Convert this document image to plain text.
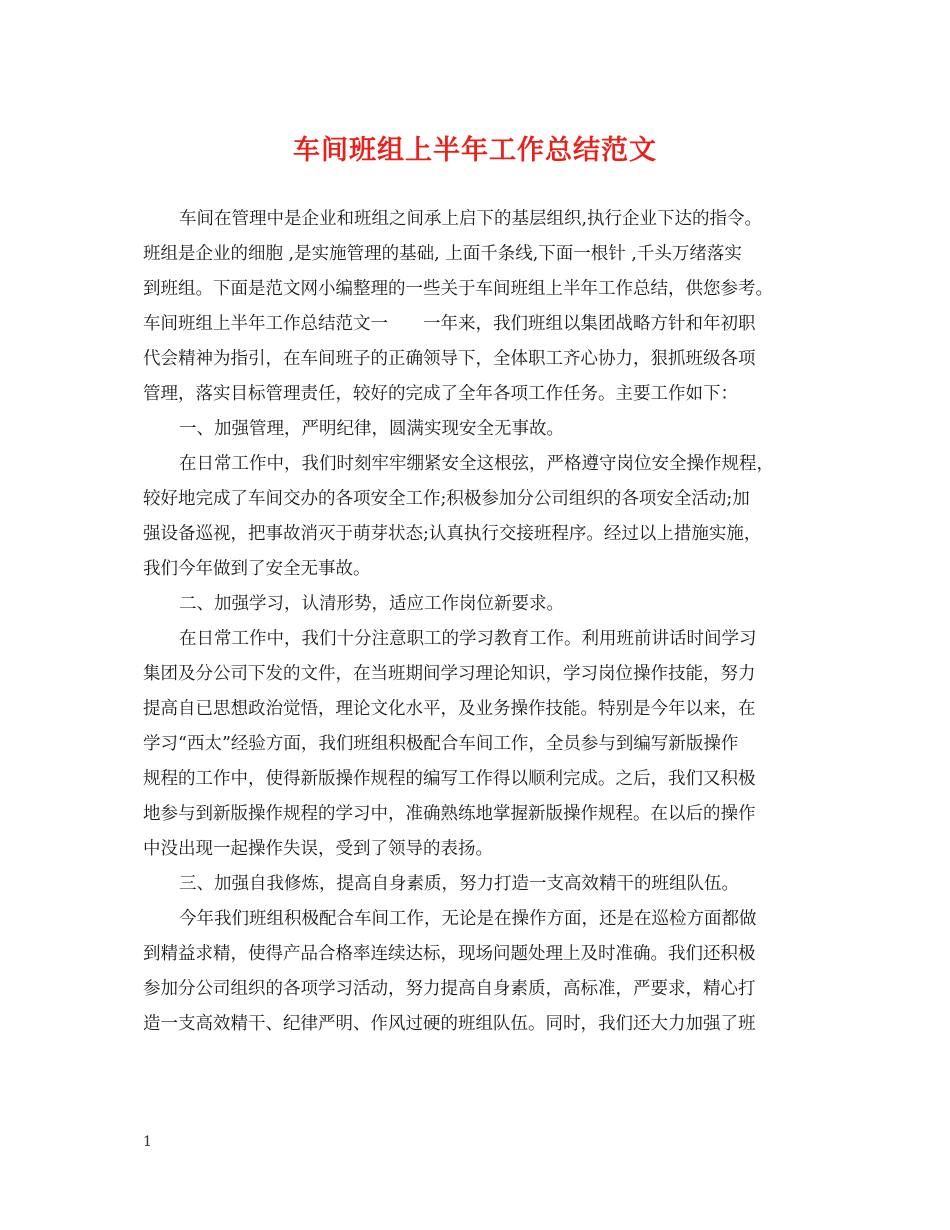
车间班组上半年工作总结范文
车间在管理中是企业和班组之间承上启下的基层组织,执行企业下达的指令。
班组是企业的细胞 ,是实施管理的基础, 上面千条线,下面一根针 ,千头万绪落实
到班组。下面是范文网小编整理的一些关于车间班组上半年工作总结，供您参考。
车间班组上半年工作总结范文一　　一年来，我们班组以集团战略方针和年初职
代会精神为指引，在车间班子的正确领导下，全体职工齐心协力，狠抓班级各项
管理，落实目标管理责任，较好的完成了全年各项工作任务。主要工作如下：
一、加强管理，严明纪律，圆满实现安全无事故。
在日常工作中，我们时刻牢牢绷紧安全这根弦，严格遵守岗位安全操作规程，
较好地完成了车间交办的各项安全工作;积极参加分公司组织的各项安全活动;加
强设备巡视，把事故消灭于萌芽状态;认真执行交接班程序。经过以上措施实施，
我们今年做到了安全无事故。
二、加强学习，认清形势，适应工作岗位新要求。
在日常工作中，我们十分注意职工的学习教育工作。利用班前讲话时间学习
集团及分公司下发的文件，在当班期间学习理论知识，学习岗位操作技能，努力
提高自已思想政治觉悟，理论文化水平，及业务操作技能。特别是今年以来，在
学习“西太”经验方面，我们班组积极配合车间工作，全员参与到编写新版操作
规程的工作中，使得新版操作规程的编写工作得以顺利完成。之后，我们又积极
地参与到新版操作规程的学习中，准确熟练地掌握新版操作规程。在以后的操作
中没出现一起操作失误，受到了领导的表扬。
三、加强自我修炼，提高自身素质，努力打造一支高效精干的班组队伍。
今年我们班组积极配合车间工作，无论是在操作方面，还是在巡检方面都做
到精益求精，使得产品合格率连续达标，现场问题处理上及时准确。我们还积极
参加分公司组织的各项学习活动，努力提高自身素质，高标准，严要求，精心打
造一支高效精干、纪律严明、作风过硬的班组队伍。同时，我们还大力加强了班
1
